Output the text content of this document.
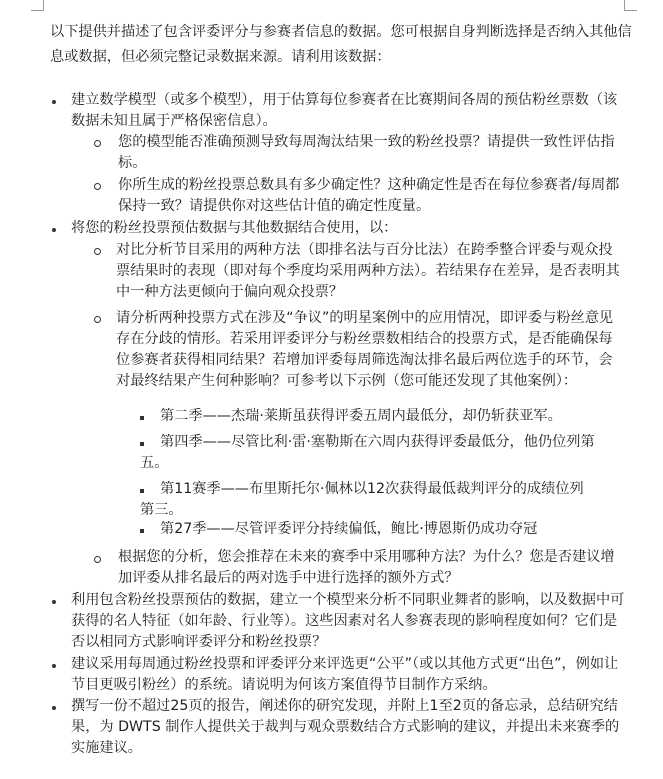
以下提供并描述了包含评委评分与参赛者信息的数据。您可根据自身判断选择是否纳入其他信息或数据，但必须完整记录数据来源。请利用该数据：
建立数学模型（或多个模型），用于估算每位参赛者在比赛期间各周的预估粉丝票数（该数据未知且属于严格保密信息）。
您的模型能否准确预测导致每周淘汰结果一致的粉丝投票？请提供一致性评估指标。
你所生成的粉丝投票总数具有多少确定性？这种确定性是否在每位参赛者/每周都保持一致？请提供你对这些估计值的确定性度量。
将您的粉丝投票预估数据与其他数据结合使用，以：
对比分析节目采用的两种方法（即排名法与百分比法）在跨季整合评委与观众投票结果时的表现（即对每个季度均采用两种方法）。若结果存在差异，是否表明其中一种方法更倾向于偏向观众投票？
请分析两种投票方式在涉及“争议”的明星案例中的应用情况，即评委与粉丝意见存在分歧的情形。若采用评委评分与粉丝票数相结合的投票方式，是否能确保每位参赛者获得相同结果？若增加评委每周筛选淘汰排名最后两位选手的环节，会对最终结果产生何种影响？可参考以下示例（您可能还发现了其他案例）：
第二季——杰瑞·莱斯虽获得评委五周内最低分，却仍斩获亚军。
第四季——尽管比利·雷·塞勒斯在六周内获得评委最低分，他仍位列第五。
第11赛季——布里斯托尔·佩林以12次获得最低裁判评分的成绩位列第三。
第27季——尽管评委评分持续偏低，鲍比·博恩斯仍成功夺冠
根据您的分析，您会推荐在未来的赛季中采用哪种方法？为什么？您是否建议增加评委从排名最后的两对选手中进行选择的额外方式？
利用包含粉丝投票预估的数据，建立一个模型来分析不同职业舞者的影响，以及数据中可获得的名人特征（如年龄、行业等）。这些因素对名人参赛表现的影响程度如何？它们是否以相同方式影响评委评分和粉丝投票？
建议采用每周通过粉丝投票和评委评分来评选更“公平”（或以其他方式更“出色”，例如让节目更吸引粉丝）的系统。请说明为何该方案值得节目制作方采纳。
撰写一份不超过25页的报告，阐述你的研究发现，并附上1至2页的备忘录，总结研究结果，为 DWTS 制作人提供关于裁判与观众票数结合方式影响的建议，并提出未来赛季的实施建议。
